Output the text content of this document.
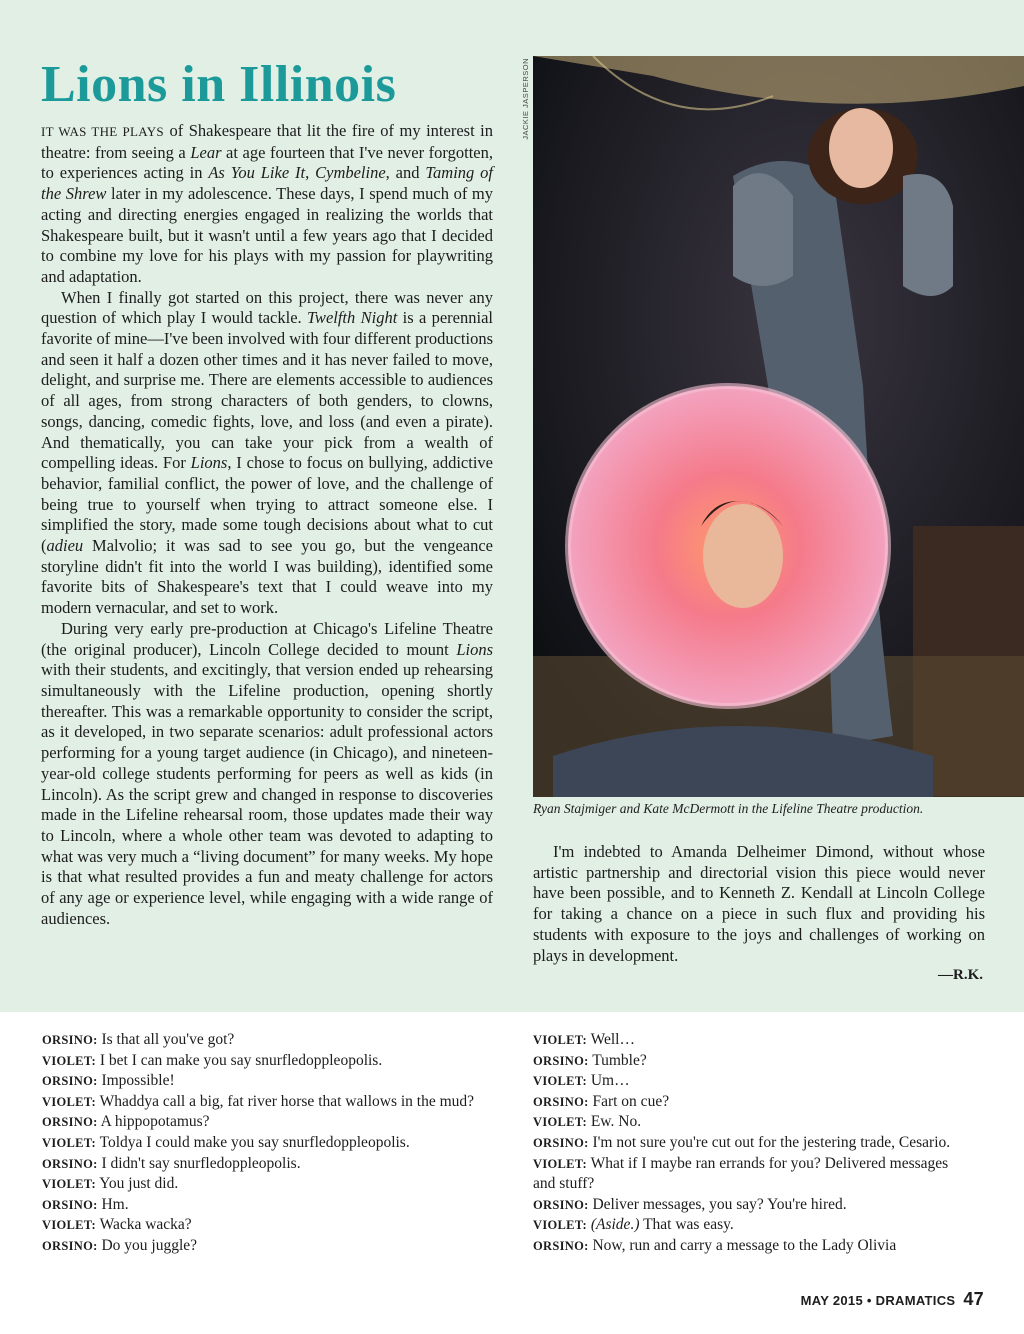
Lions in Illinois

IT WAS THE PLAYS of Shakespeare that lit the fire of my interest in theatre: from seeing a Lear at age fourteen that I've never forgotten, to experiences acting in As You Like It, Cymbeline, and Taming of the Shrew later in my adolescence. These days, I spend much of my acting and directing energies engaged in realizing the worlds that Shakespeare built, but it wasn't until a few years ago that I decided to combine my love for his plays with my passion for playwriting and adaptation.

When I finally got started on this project, there was never any question of which play I would tackle. Twelfth Night is a perennial favorite of mine—I've been involved with four different productions and seen it half a dozen other times and it has never failed to move, delight, and surprise me. There are elements accessible to audiences of all ages, from strong characters of both genders, to clowns, songs, dancing, comedic fights, love, and loss (and even a pirate). And thematically, you can take your pick from a wealth of compelling ideas. For Lions, I chose to focus on bullying, addictive behavior, familial conflict, the power of love, and the challenge of being true to yourself when trying to attract someone else. I simplified the story, made some tough decisions about what to cut (adieu Malvolio; it was sad to see you go, but the vengeance storyline didn't fit into the world I was building), identified some favorite bits of Shakespeare's text that I could weave into my modern vernacular, and set to work.

During very early pre-production at Chicago's Lifeline Theatre (the original producer), Lincoln College decided to mount Lions with their students, and excitingly, that version ended up rehearsing simultaneously with the Lifeline production, opening shortly thereafter. This was a remarkable opportunity to consider the script, as it developed, in two separate scenarios: adult professional actors performing for a young target audience (in Chicago), and nineteen-year-old college students performing for peers as well as kids (in Lincoln). As the script grew and changed in response to discoveries made in the Lifeline rehearsal room, those updates made their way to Lincoln, where a whole other team was devoted to adapting to what was very much a “living document” for many weeks. My hope is that what resulted provides a fun and meaty challenge for actors of any age or experience level, while engaging with a wide range of audiences.

JACKIE JASPERSON
Ryan Stajmiger and Kate McDermott in the Lifeline Theatre production.

I'm indebted to Amanda Delheimer Dimond, without whose artistic partnership and directorial vision this piece would never have been possible, and to Kenneth Z. Kendall at Lincoln College for taking a chance on a piece in such flux and providing his students with exposure to the joys and challenges of working on plays in development.

—R.K.

ORSINO: Is that all you've got?

VIOLET: I bet I can make you say snurfledoppleopolis.

ORSINO: Impossible!

VIOLET: Whaddya call a big, fat river horse that wallows in the mud?

ORSINO: A hippopotamus?

VIOLET: Toldya I could make you say snurfledoppleopolis.

ORSINO: I didn't say snurfledoppleopolis.

VIOLET: You just did.

ORSINO: Hm.

VIOLET: Wacka wacka?

ORSINO: Do you juggle?

VIOLET: Well…

ORSINO: Tumble?

VIOLET: Um…

ORSINO: Fart on cue?

VIOLET: Ew. No.

ORSINO: I'm not sure you're cut out for the jestering trade, Cesario.

VIOLET: What if I maybe ran errands for you? Delivered messages and stuff?

ORSINO: Deliver messages, you say? You're hired.

VIOLET: (Aside.) That was easy.

ORSINO: Now, run and carry a message to the Lady Olivia

MAY 2015 • DRAMATICS 47
